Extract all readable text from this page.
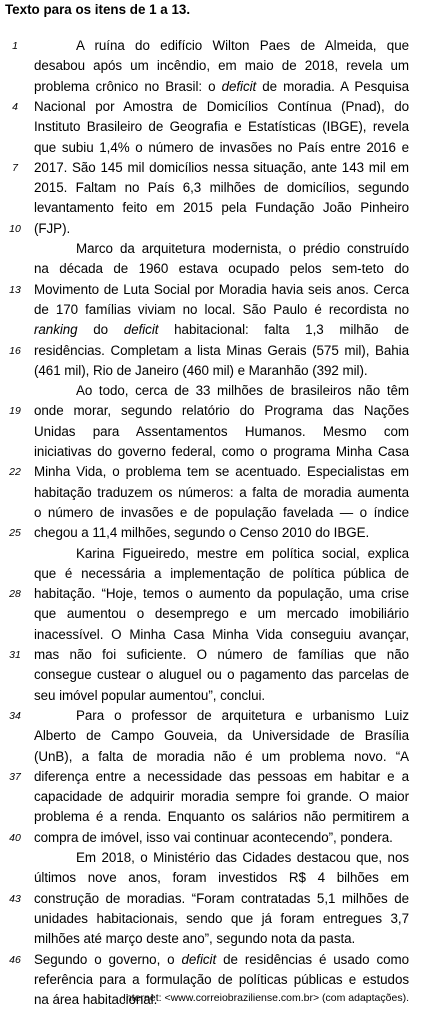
Texto para os itens de 1 a 13.
1	A ruína do edifício Wilton Paes de Almeida, que
desabou após um incêndio, em maio de 2018, revela um
problema crônico no Brasil: o deficit de moradia. A Pesquisa
4	Nacional por Amostra de Domicílios Contínua (Pnad), do
Instituto Brasileiro de Geografia e Estatísticas (IBGE), revela
que subiu 1,4% o número de invasões no País entre 2016 e
7	2017. São 145 mil domicílios nessa situação, ante 143 mil em
2015. Faltam no País 6,3 milhões de domicílios, segundo
levantamento feito em 2015 pela Fundação João Pinheiro
10 (FJP).
Marco da arquitetura modernista, o prédio construído
na década de 1960 estava ocupado pelos sem-teto do
13 Movimento de Luta Social por Moradia havia seis anos. Cerca
de 170 famílias viviam no local. São Paulo é recordista no
ranking do deficit habitacional: falta 1,3 milhão de
16 residências. Completam a lista Minas Gerais (575 mil), Bahia
(461 mil), Rio de Janeiro (460 mil) e Maranhão (392 mil).
Ao todo, cerca de 33 milhões de brasileiros não têm
19 onde morar, segundo relatório do Programa das Nações
Unidas para Assentamentos Humanos. Mesmo com
iniciativas do governo federal, como o programa Minha Casa
22 Minha Vida, o problema tem se acentuado. Especialistas em
habitação traduzem os números: a falta de moradia aumenta
o número de invasões e de população favelada — o índice
25 chegou a 11,4 milhões, segundo o Censo 2010 do IBGE.
Karina Figueiredo, mestre em política social, explica
que é necessária a implementação de política pública de
28 habitação. “Hoje, temos o aumento da população, uma crise
que aumentou o desemprego e um mercado imobiliário
inacessível. O Minha Casa Minha Vida conseguiu avançar,
31 mas não foi suficiente. O número de famílias que não
consegue custear o aluguel ou o pagamento das parcelas de
seu imóvel popular aumentou”, conclui.
34	Para o professor de arquitetura e urbanismo Luiz
Alberto de Campo Gouveia, da Universidade de Brasília
(UnB), a falta de moradia não é um problema novo. “A
37 diferença entre a necessidade das pessoas em habitar e a
capacidade de adquirir moradia sempre foi grande. O maior
problema é a renda. Enquanto os salários não permitirem a
40 compra de imóvel, isso vai continuar acontecendo”, pondera.
Em 2018, o Ministério das Cidades destacou que, nos
últimos nove anos, foram investidos R$ 4 bilhões em
43 construção de moradias. “Foram contratadas 5,1 milhões de
unidades habitacionais, sendo que já foram entregues 3,7
milhões até março deste ano”, segundo nota da pasta.
46 Segundo o governo, o deficit de residências é usado como
referência para a formulação de políticas públicas e estudos
na área habitacional.
Internet: <www.correiobraziliense.com.br> (com adaptações).
